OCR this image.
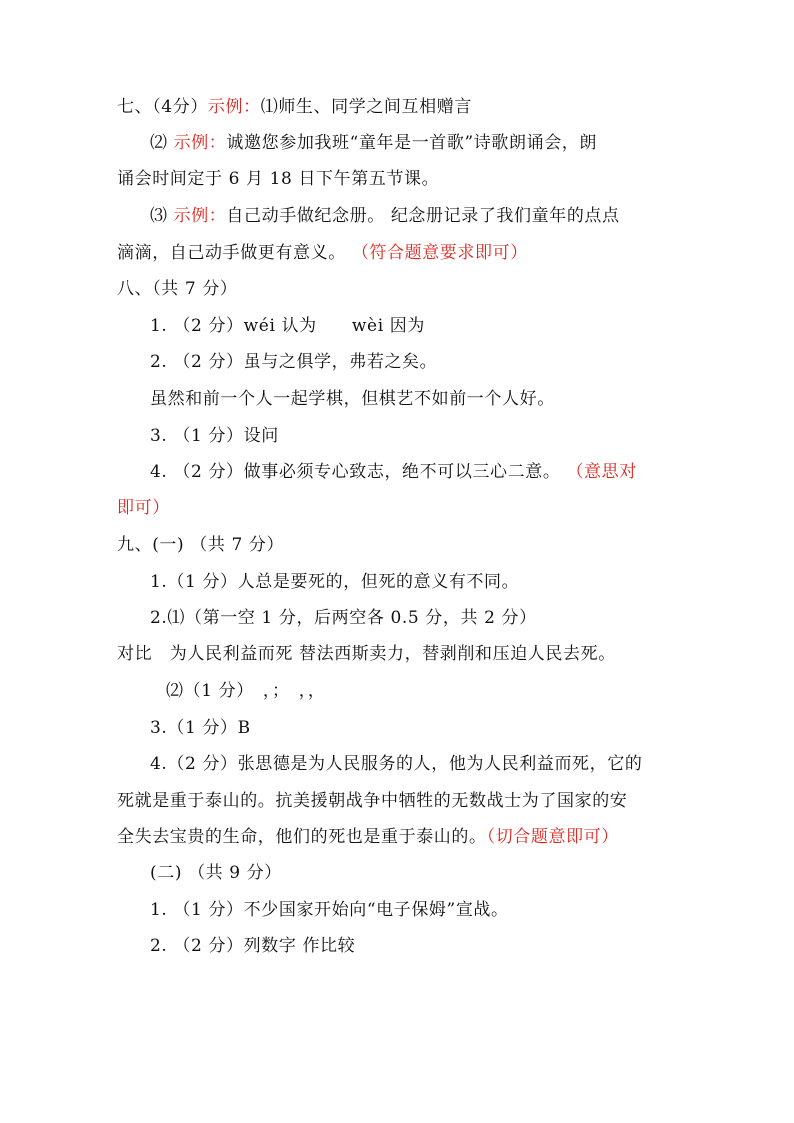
七、（4分）示例：⑴师生、同学之间互相赠言
⑵ 示例：诚邀您参加我班“童年是一首歌”诗歌朗诵会，朗
诵会时间定于 6 月 18 日下午第五节课。
⑶ 示例：自己动手做纪念册。 纪念册记录了我们童年的点点
滴滴，自己动手做更有意义。 （符合题意要求即可）
八、（共 7 分）
1. （2 分）wéi 认为　　wèi 因为
2. （2 分）虽与之俱学，弗若之矣。
虽然和前一个人一起学棋，但棋艺不如前一个人好。
3. （1 分）设问
4. （2 分）做事必须专心致志，绝不可以三心二意。 （意思对
即可）
九、(一) （共 7 分）
1.（1 分）人总是要死的，但死的意义有不同。
2.⑴（第一空 1 分，后两空各 0.5 分，共 2 分）
对比　为人民利益而死 替法西斯卖力，替剥削和压迫人民去死。
⑵（1 分）　，；　，，
3.（1 分）B
4.（2 分）张思德是为人民服务的人，他为人民利益而死，它的
死就是重于泰山的。抗美援朝战争中牺牲的无数战士为了国家的安
全失去宝贵的生命，他们的死也是重于泰山的。（切合题意即可）
(二) （共 9 分）
1. （1 分）不少国家开始向“电子保姆”宣战。
2. （2 分）列数字 作比较
